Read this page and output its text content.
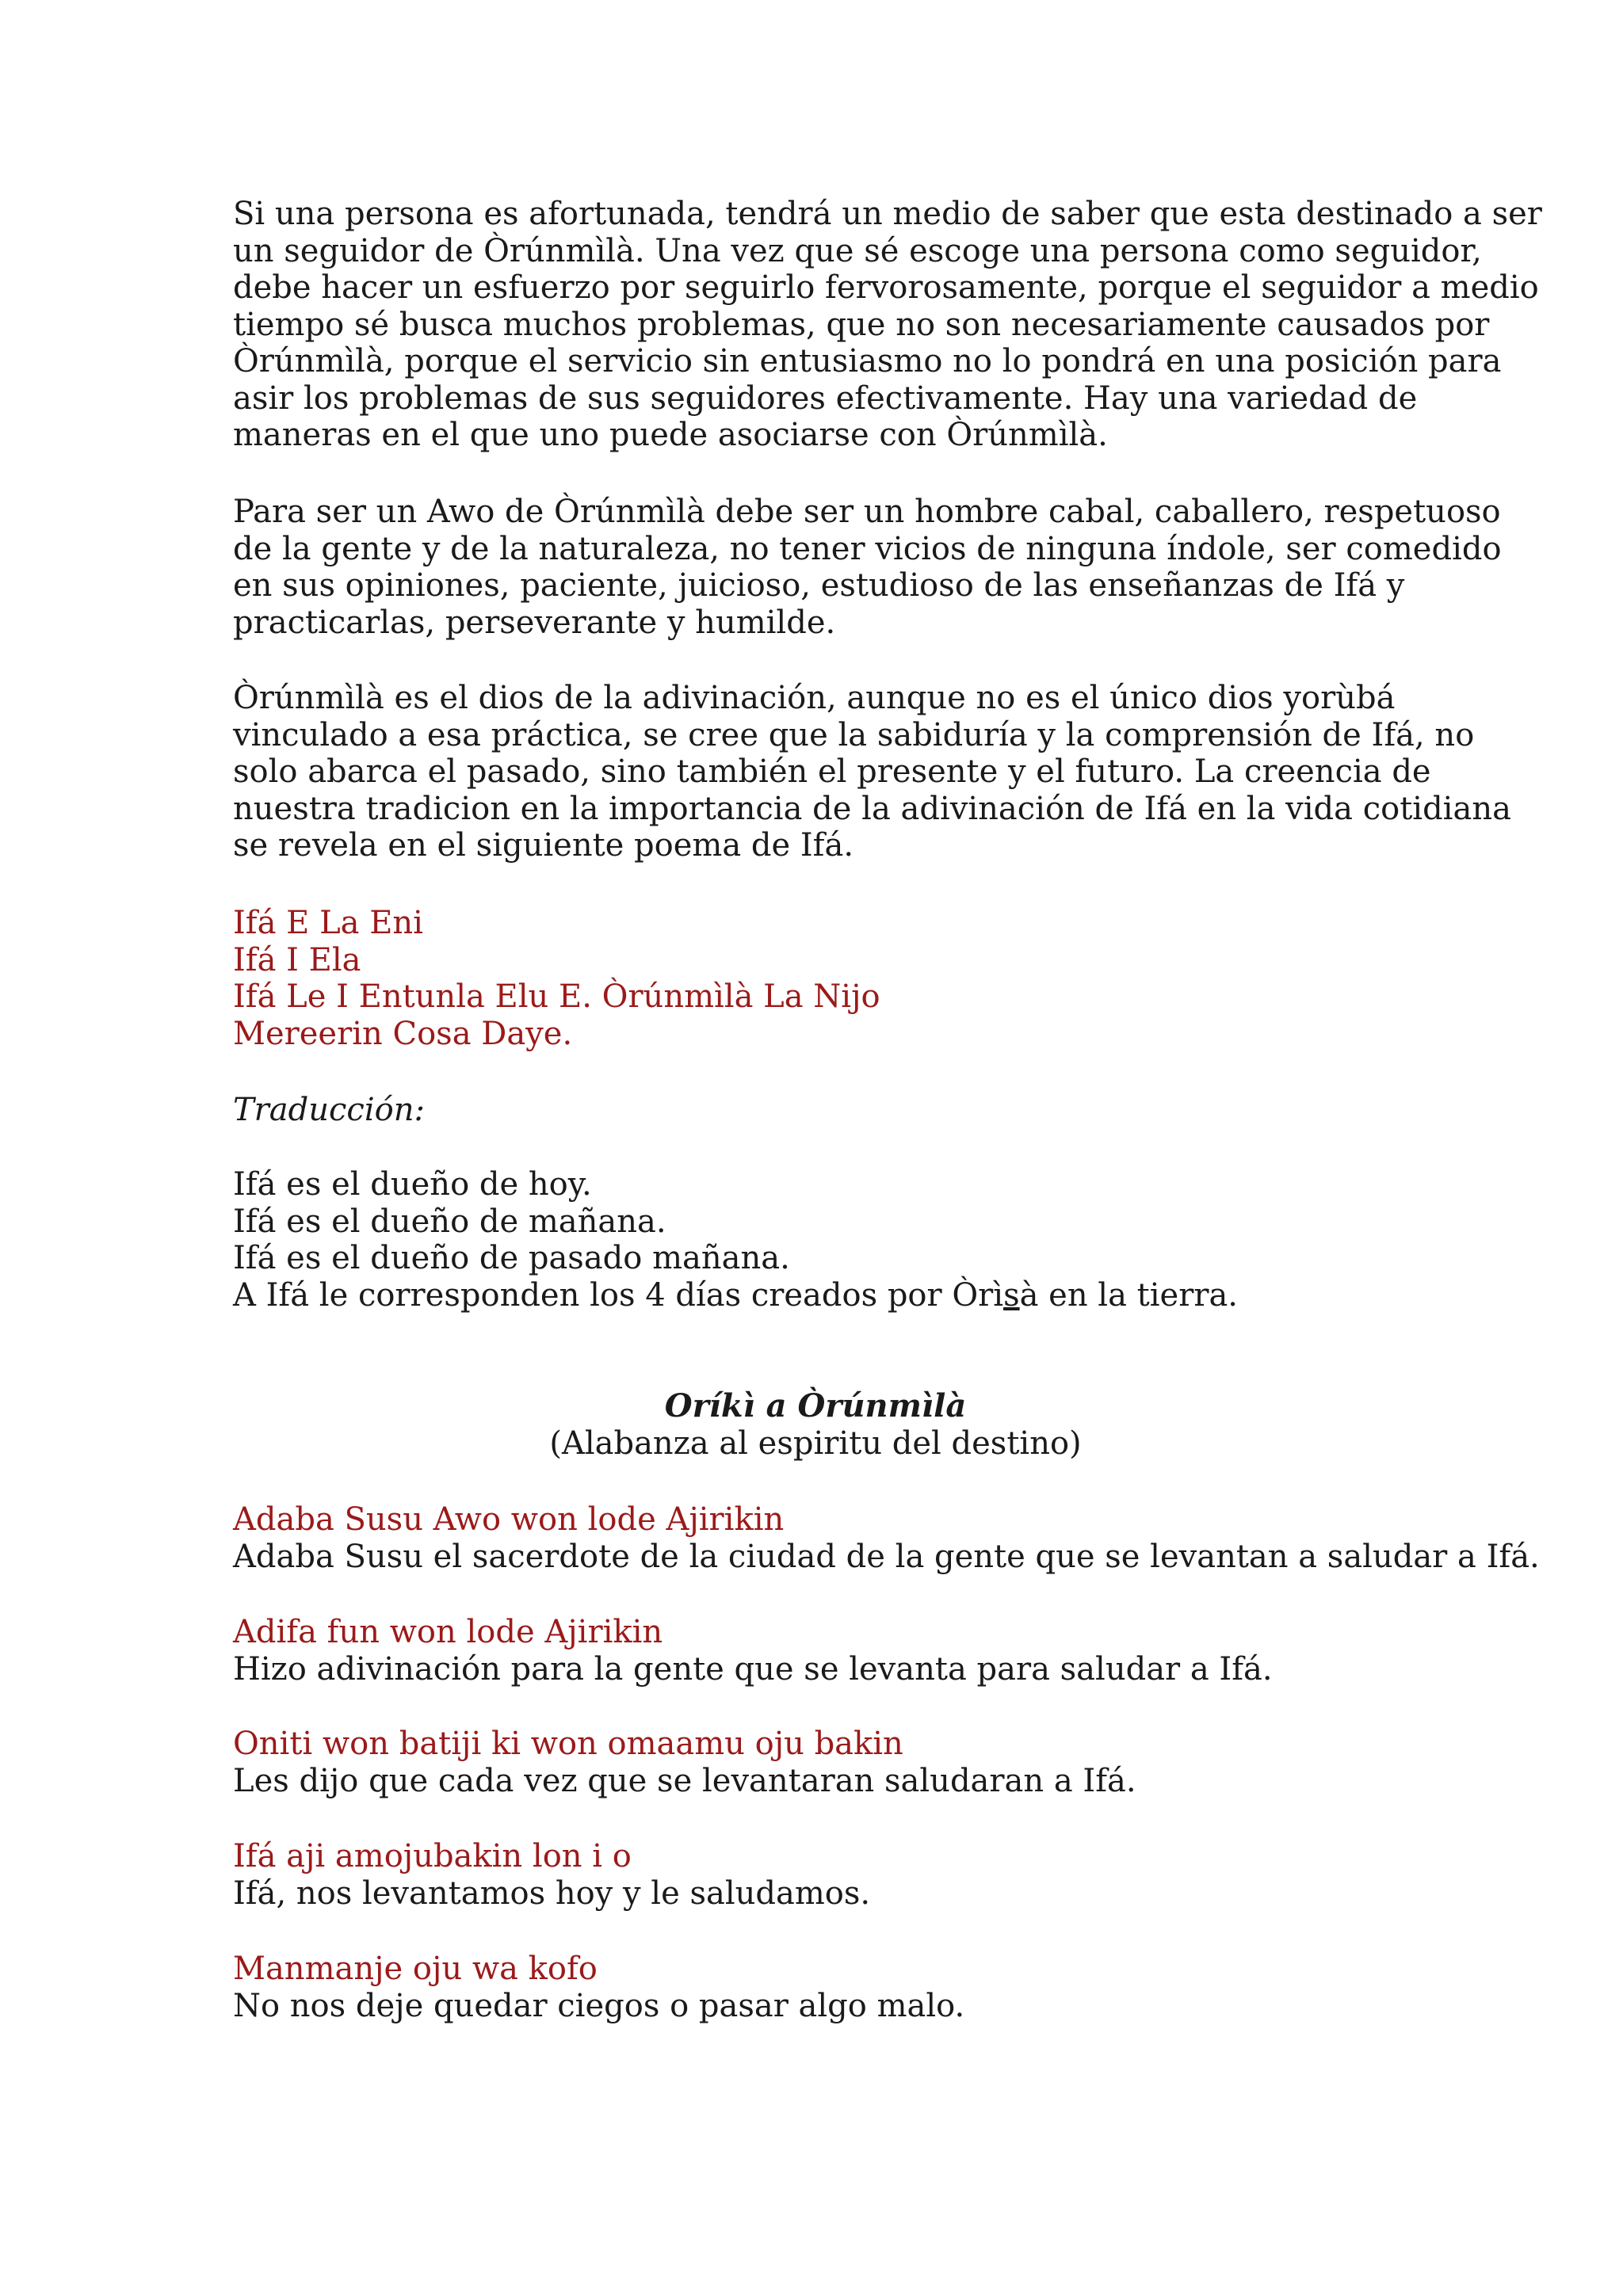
Si una persona es afortunada, tendrá un medio de saber que esta destinado a ser
un seguidor de Òrúnmìlà. Una vez que sé escoge una persona como seguidor,
debe hacer un esfuerzo por seguirlo fervorosamente, porque el seguidor a medio
tiempo sé busca muchos problemas, que no son necesariamente causados por
Òrúnmìlà, porque el servicio sin entusiasmo no lo pondrá en una posición para
asir los problemas de sus seguidores efectivamente. Hay una variedad de
maneras en el que uno puede asociarse con Òrúnmìlà.

Para ser un Awo de Òrúnmìlà debe ser un hombre cabal, caballero, respetuoso
de la gente y de la naturaleza, no tener vicios de ninguna índole, ser comedido
en sus opiniones, paciente, juicioso, estudioso de las enseñanzas de Ifá y
practicarlas, perseverante y humilde.

Òrúnmìlà es el dios de la adivinación, aunque no es el único dios yorùbá
vinculado a esa práctica, se cree que la sabiduría y la comprensión de Ifá, no
solo abarca el pasado, sino también el presente y el futuro. La creencia de
nuestra tradicion en la importancia de la adivinación de Ifá en la vida cotidiana
se revela en el siguiente poema de Ifá.

Ifá E La Eni
Ifá I Ela
Ifá Le I Entunla Elu E. Òrúnmìlà La Nijo
Mereerin Cosa Daye.

Traducción:

Ifá es el dueño de hoy.
Ifá es el dueño de mañana.
Ifá es el dueño de pasado mañana.
A Ifá le corresponden los 4 días creados por Òrìsà en la tierra.

Oríkì a Òrúnmìlà
(Alabanza al espiritu del destino)

Adaba Susu Awo won lode Ajirikin
Adaba Susu el sacerdote de la ciudad de la gente que se levantan a saludar a Ifá.

Adifa fun won lode Ajirikin
Hizo adivinación para la gente que se levanta para saludar a Ifá.

Oniti won batiji ki won omaamu oju bakin
Les dijo que cada vez que se levantaran saludaran a Ifá.

Ifá aji amojubakin lon i o
Ifá, nos levantamos hoy y le saludamos.

Manmanje oju wa kofo
No nos deje quedar ciegos o pasar algo malo.
